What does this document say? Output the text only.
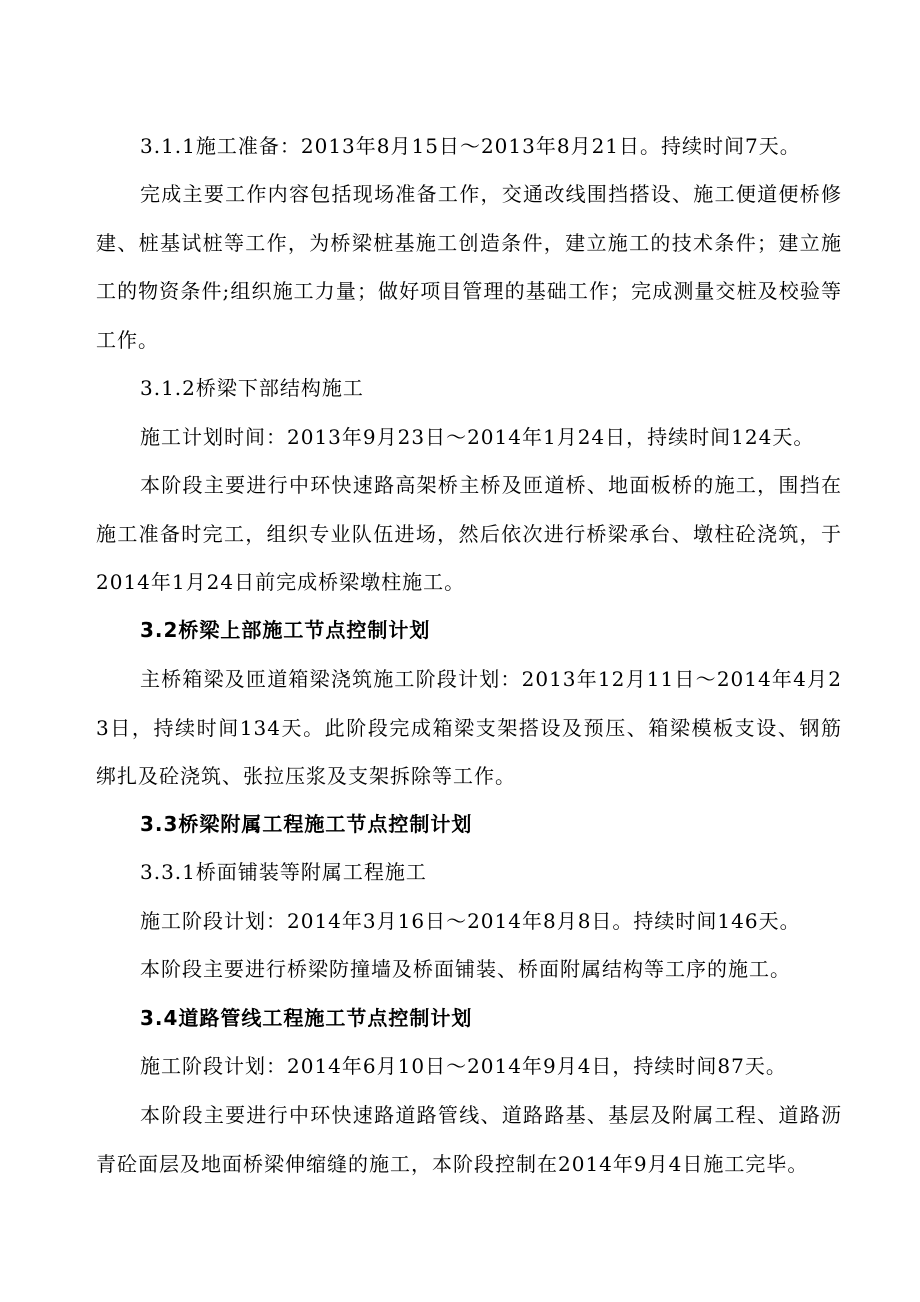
3.1.1施工准备：2013年8月15日～2013年8月21日。持续时间7天。

完成主要工作内容包括现场准备工作，交通改线围挡搭设、施工便道便桥修建、桩基试桩等工作，为桥梁桩基施工创造条件，建立施工的技术条件；建立施工的物资条件;组织施工力量；做好项目管理的基础工作；完成测量交桩及校验等工作。

3.1.2桥梁下部结构施工

施工计划时间：2013年9月23日～2014年1月24日，持续时间124天。

本阶段主要进行中环快速路高架桥主桥及匝道桥、地面板桥的施工，围挡在施工准备时完工，组织专业队伍进场，然后依次进行桥梁承台、墩柱砼浇筑，于2014年1月24日前完成桥梁墩柱施工。

3.2桥梁上部施工节点控制计划

主桥箱梁及匝道箱梁浇筑施工阶段计划：2013年12月11日～2014年4月23日，持续时间134天。此阶段完成箱梁支架搭设及预压、箱梁模板支设、钢筋绑扎及砼浇筑、张拉压浆及支架拆除等工作。

3.3桥梁附属工程施工节点控制计划

3.3.1桥面铺装等附属工程施工

施工阶段计划：2014年3月16日～2014年8月8日。持续时间146天。

本阶段主要进行桥梁防撞墙及桥面铺装、桥面附属结构等工序的施工。

3.4道路管线工程施工节点控制计划

施工阶段计划：2014年6月10日～2014年9月4日，持续时间87天。

本阶段主要进行中环快速路道路管线、道路路基、基层及附属工程、道路沥青砼面层及地面桥梁伸缩缝的施工，本阶段控制在2014年9月4日施工完毕。
